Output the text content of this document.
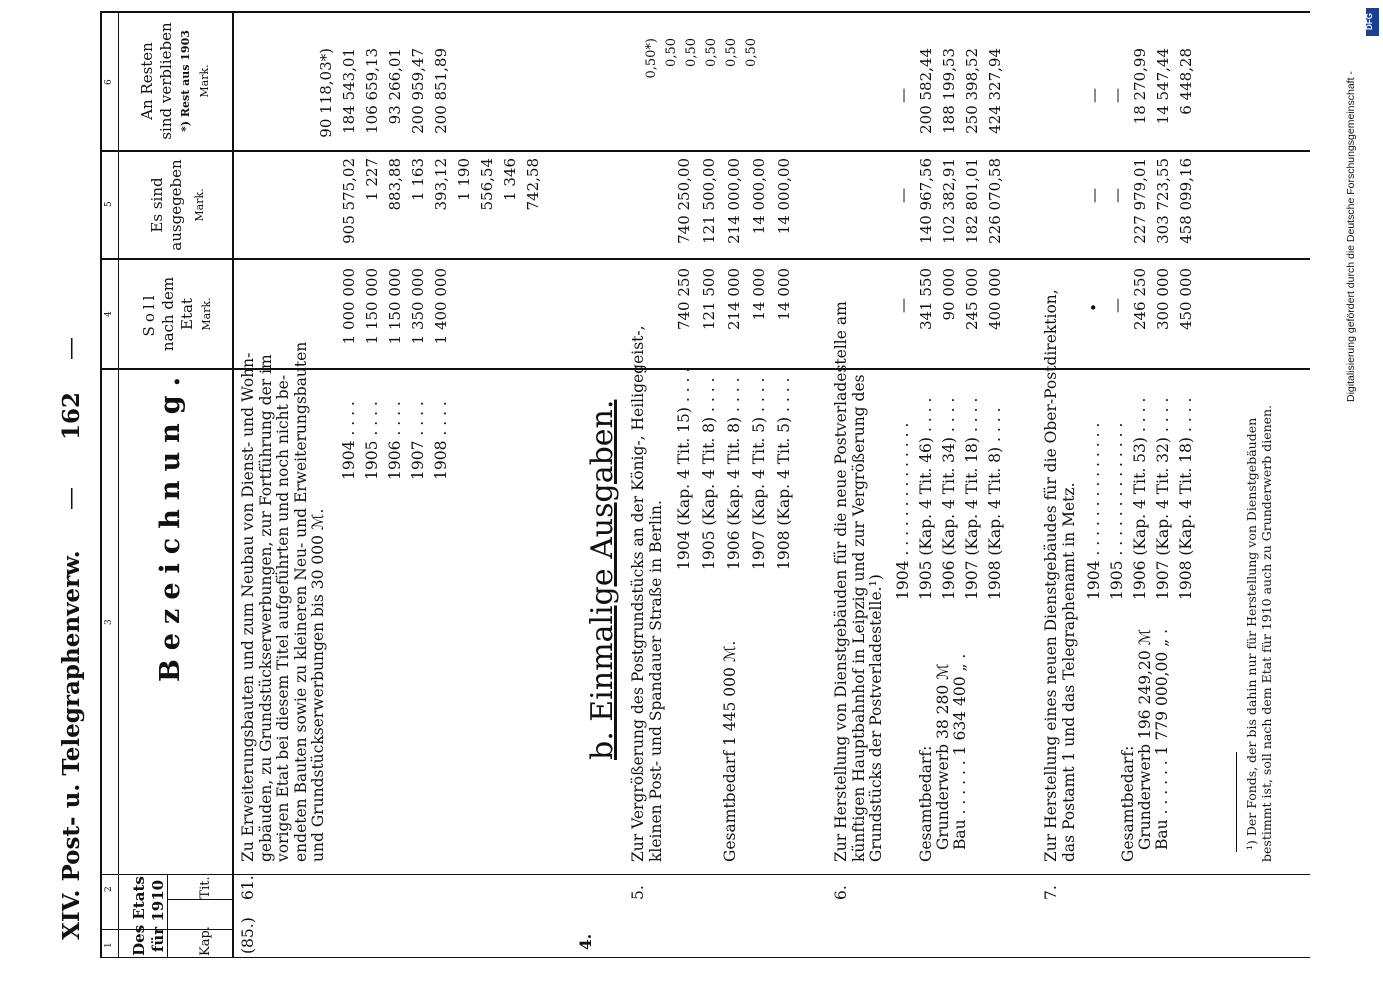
XIV. Post- u. Telegraphenverw.
—
162
—
1
2
3
4
5
6
Des Etats für 1910 Kap.
Tit.
Bezeichnung.
Soll nach dem Etat Mark.
Es sind ausgegeben Mark.
An Resten sind verblieben *) Rest aus 1903 Mark.
(85.)
61.
Zu Erweiterungsbauten und zum Neubau von Dienst- und Wohn- gebäuden, zu Grundstückserwerbungen, zur Fortführung der im vorigen Etat bei diesem Titel aufgeführten und noch nicht be- endeten Bauten sowie zu kleineren Neu- und Erweiterungsbauten und Grundstückserwerbungen bis 30 000 ℳ.
1904 . . . . 1905 . . . . 1906 . . . . 1907 . . . . 1908 . . . .
1 000 000 1 150 000 1 150 000 1 350 000 1 400 000
905 575,02 1 227 883,88 1 163 393,12 1 190 556,54 1 346 742,58
90 118,03*) 184 543,01 106 659,13 93 266,01 200 959,47 200 851,89
4.
b. Einmalige Ausgaben.
5.
Zur Vergrößerung des Postgrundstücks an der König-, Heiligegeist-, kleinen Post- und Spandauer Straße in Berlin.
1904 (Kap. 4 Tit. 15) . . . . 1905 (Kap. 4 Tit. 8) . . . . 1906 (Kap. 4 Tit. 8) . . . . 1907 (Kap. 4 Tit. 5) . . . . 1908 (Kap. 4 Tit. 5) . . . .
Gesamtbedarf 1 445 000 ℳ.
740 250 121 500 214 000 14 000 14 000
740 250,00 121 500,00 214 000,00 14 000,00 14 000,00
0,50*) 0,50 0,50 0,50 0,50 0,50
6.
Zur Herstellung von Dienstgebäuden für die neue Postverladestelle am künftigen Hauptbahnhof in Leipzig und zur Vergrößerung des Grundstücks der Postverladestelle.¹)
1904 . . . . . . . . . . . . . . 1905 (Kap. 4 Tit. 46) . . . . 1906 (Kap. 4 Tit. 34) . . . . 1907 (Kap. 4 Tit. 18) . . . . 1908 (Kap. 4 Tit. 8) . . . .
Gesamtbedarf: Grunderwerb 38 280 ℳ Bau . . . . . . 1 634 400 „ .
— 341 550 90 000 245 000 400 000
— 140 967,56 102 382,91 182 801,01 226 070,58
— 200 582,44 188 199,53 250 398,52 424 327,94
7.
Zur Herstellung eines neuen Dienstgebäudes für die Ober-Postdirektion, das Postamt 1 und das Telegraphenamt in Metz. 1904 . . . . . . . . . . . . . . 1905 . . . . . . . . . . . . . . 1906 (Kap. 4 Tit. 53) . . . . 1907 (Kap. 4 Tit. 32) . . . . 1908 (Kap. 4 Tit. 18) . . . .
Gesamtbedarf: Grunderwerb 196 249,20 ℳ Bau . . . . . . 1 779 000,00 „ .
• — 246 250 300 000 450 000
— — 227 979,01 303 723,55 458 099,16
— — 18 270,99 14 547,44 6 448,28
¹) Der Fonds, der bis dahin nur für Herstellung von Dienstgebäuden bestimmt ist, soll nach dem Etat für 1910 auch zu Grunderwerb dienen.
Digitalisierung gefördert durch die Deutsche Forschungsgemeinschaft -
DFG
